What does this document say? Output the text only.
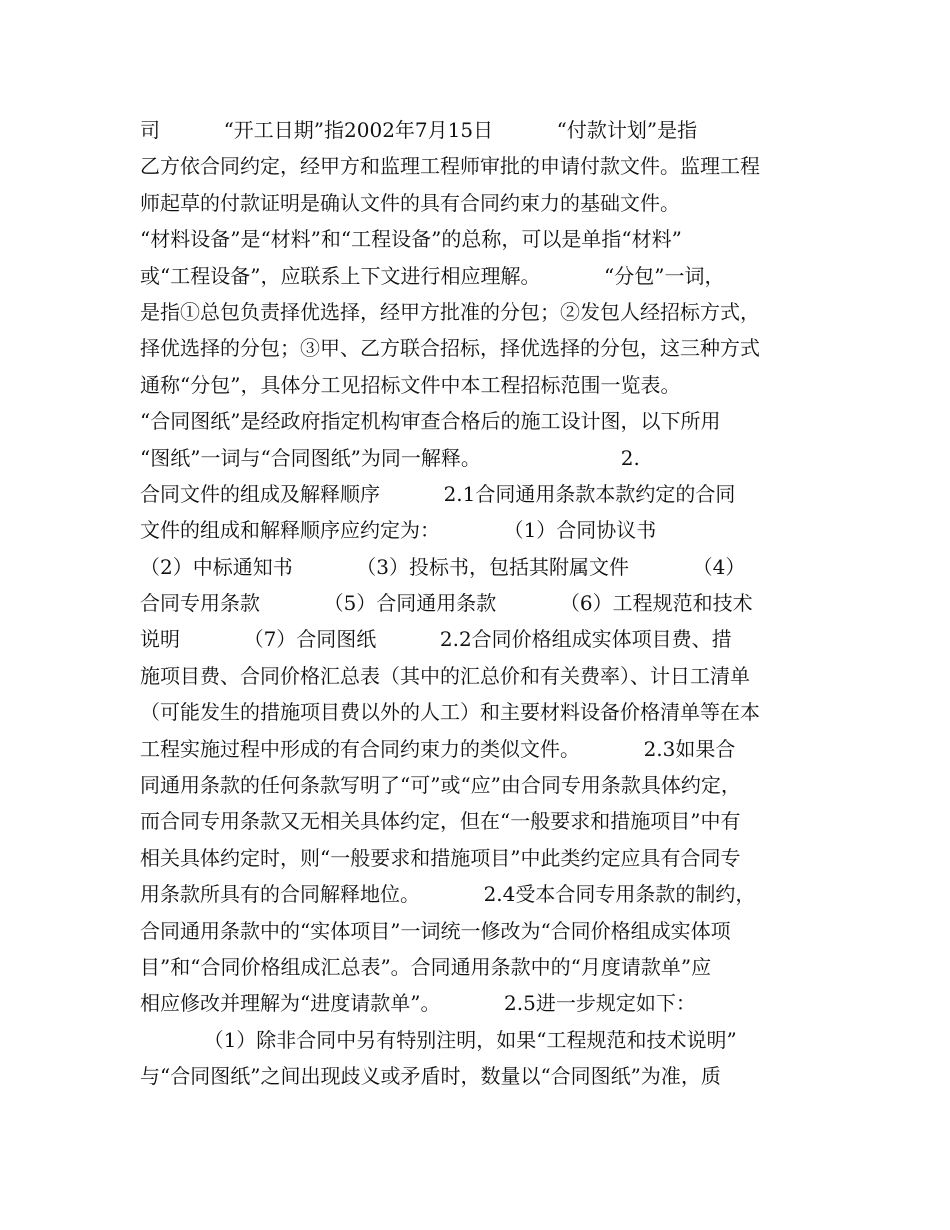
司          “开工日期”指2002年7月15日          “付款计划”是指
乙方依合同约定，经甲方和监理工程师审批的申请付款文件。监理工程
师起草的付款证明是确认文件的具有合同约束力的基础文件。
“材料设备”是“材料”和“工程设备”的总称，可以是单指“材料”
或“工程设备”，应联系上下文进行相应理解。          “分包”一词，
是指①总包负责择优选择，经甲方批准的分包；②发包人经招标方式，
择优选择的分包；③甲、乙方联合招标，择优选择的分包，这三种方式
通称“分包”，具体分工见招标文件中本工程招标范围一览表。
“合同图纸”是经政府指定机构审查合格后的施工设计图，以下所用
“图纸”一词与“合同图纸”为同一解释。                      2.
合同文件的组成及解释顺序          2.1合同通用条款本款约定的合同
文件的组成和解释顺序应约定为：          （1）合同协议书
（2）中标通知书          （3）投标书，包括其附属文件          （4）
合同专用条款          （5）合同通用条款          （6）工程规范和技术
说明          （7）合同图纸          2.2合同价格组成实体项目费、措
施项目费、合同价格汇总表（其中的汇总价和有关费率）、计日工清单
（可能发生的措施项目费以外的人工）和主要材料设备价格清单等在本
工程实施过程中形成的有合同约束力的类似文件。          2.3如果合
同通用条款的任何条款写明了“可”或“应”由合同专用条款具体约定，
而合同专用条款又无相关具体约定，但在“一般要求和措施项目”中有
相关具体约定时，则“一般要求和措施项目”中此类约定应具有合同专
用条款所具有的合同解释地位。          2.4受本合同专用条款的制约，
合同通用条款中的“实体项目”一词统一修改为“合同价格组成实体项
目”和“合同价格组成汇总表”。合同通用条款中的“月度请款单”应
相应修改并理解为“进度请款单”。          2.5进一步规定如下：
（1）除非合同中另有特别注明，如果“工程规范和技术说明”
与“合同图纸”之间出现歧义或矛盾时，数量以“合同图纸”为准，质
